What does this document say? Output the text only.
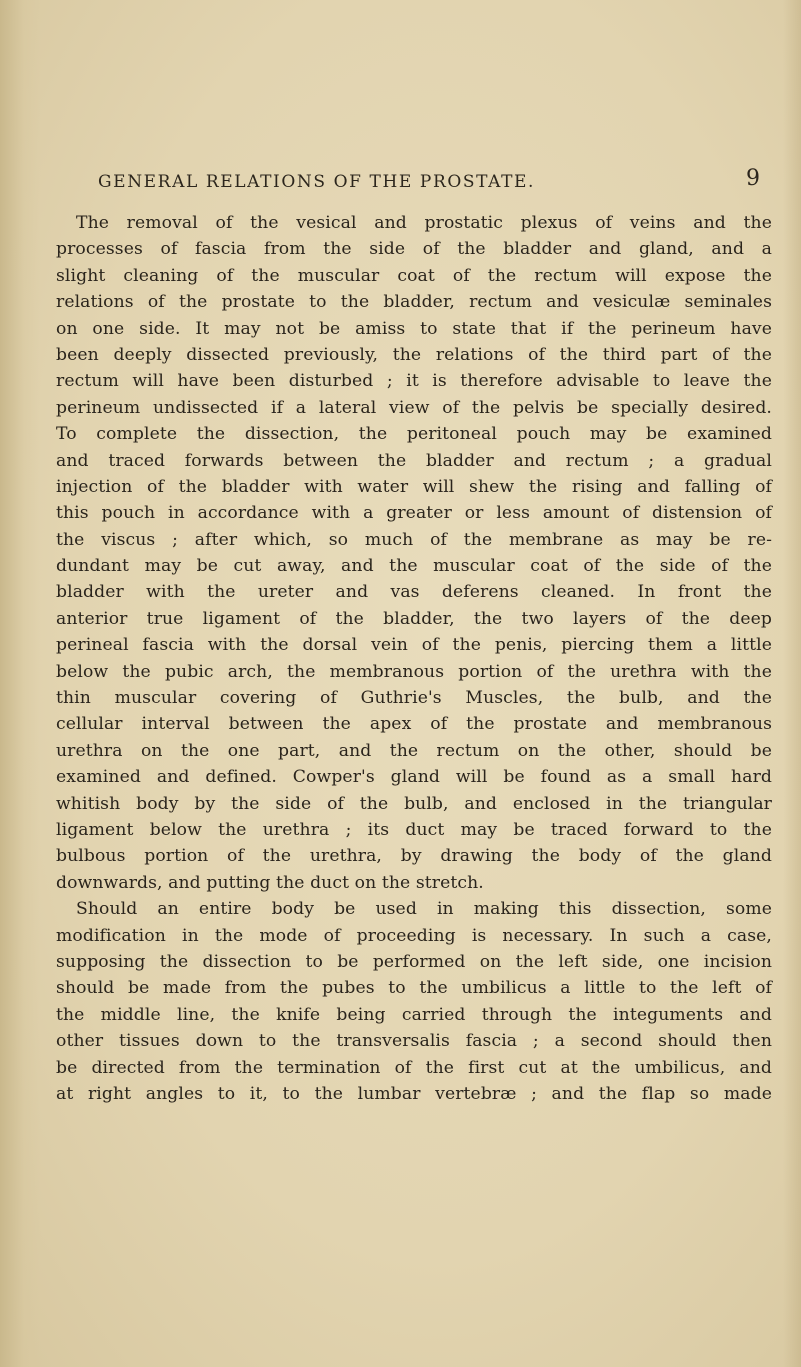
GENERAL RELATIONS OF THE PROSTATE.	9
The removal of the vesical and prostatic plexus of veins and the
processes of fascia from the side of the bladder and gland, and a
slight cleaning of the muscular coat of the rectum will expose the
relations of the prostate to the bladder, rectum and vesiculæ seminales
on one side. It may not be amiss to state that if the perineum have
been deeply dissected previously, the relations of the third part of the
rectum will have been disturbed ; it is therefore advisable to leave the
perineum undissected if a lateral view of the pelvis be specially desired.
To complete the dissection, the peritoneal pouch may be examined
and traced forwards between the bladder and rectum ; a gradual
injection of the bladder with water will shew the rising and falling of
this pouch in accordance with a greater or less amount of distension of
the viscus ; after which, so much of the membrane as may be re-
dundant may be cut away, and the muscular coat of the side of the
bladder with the ureter and vas deferens cleaned. In front the
anterior true ligament of the bladder, the two layers of the deep
perineal fascia with the dorsal vein of the penis, piercing them a little
below the pubic arch, the membranous portion of the urethra with the
thin muscular covering of Guthrie's Muscles, the bulb, and the
cellular interval between the apex of the prostate and membranous
urethra on the one part, and the rectum on the other, should be
examined and defined. Cowper's gland will be found as a small hard
whitish body by the side of the bulb, and enclosed in the triangular
ligament below the urethra ; its duct may be traced forward to the
bulbous portion of the urethra, by drawing the body of the gland
downwards, and putting the duct on the stretch.
Should an entire body be used in making this dissection, some
modification in the mode of proceeding is necessary. In such a case,
supposing the dissection to be performed on the left side, one incision
should be made from the pubes to the umbilicus a little to the left of
the middle line, the knife being carried through the integuments and
other tissues down to the transversalis fascia ; a second should then
be directed from the termination of the first cut at the umbilicus, and
at right angles to it, to the lumbar vertebræ ; and the flap so made
